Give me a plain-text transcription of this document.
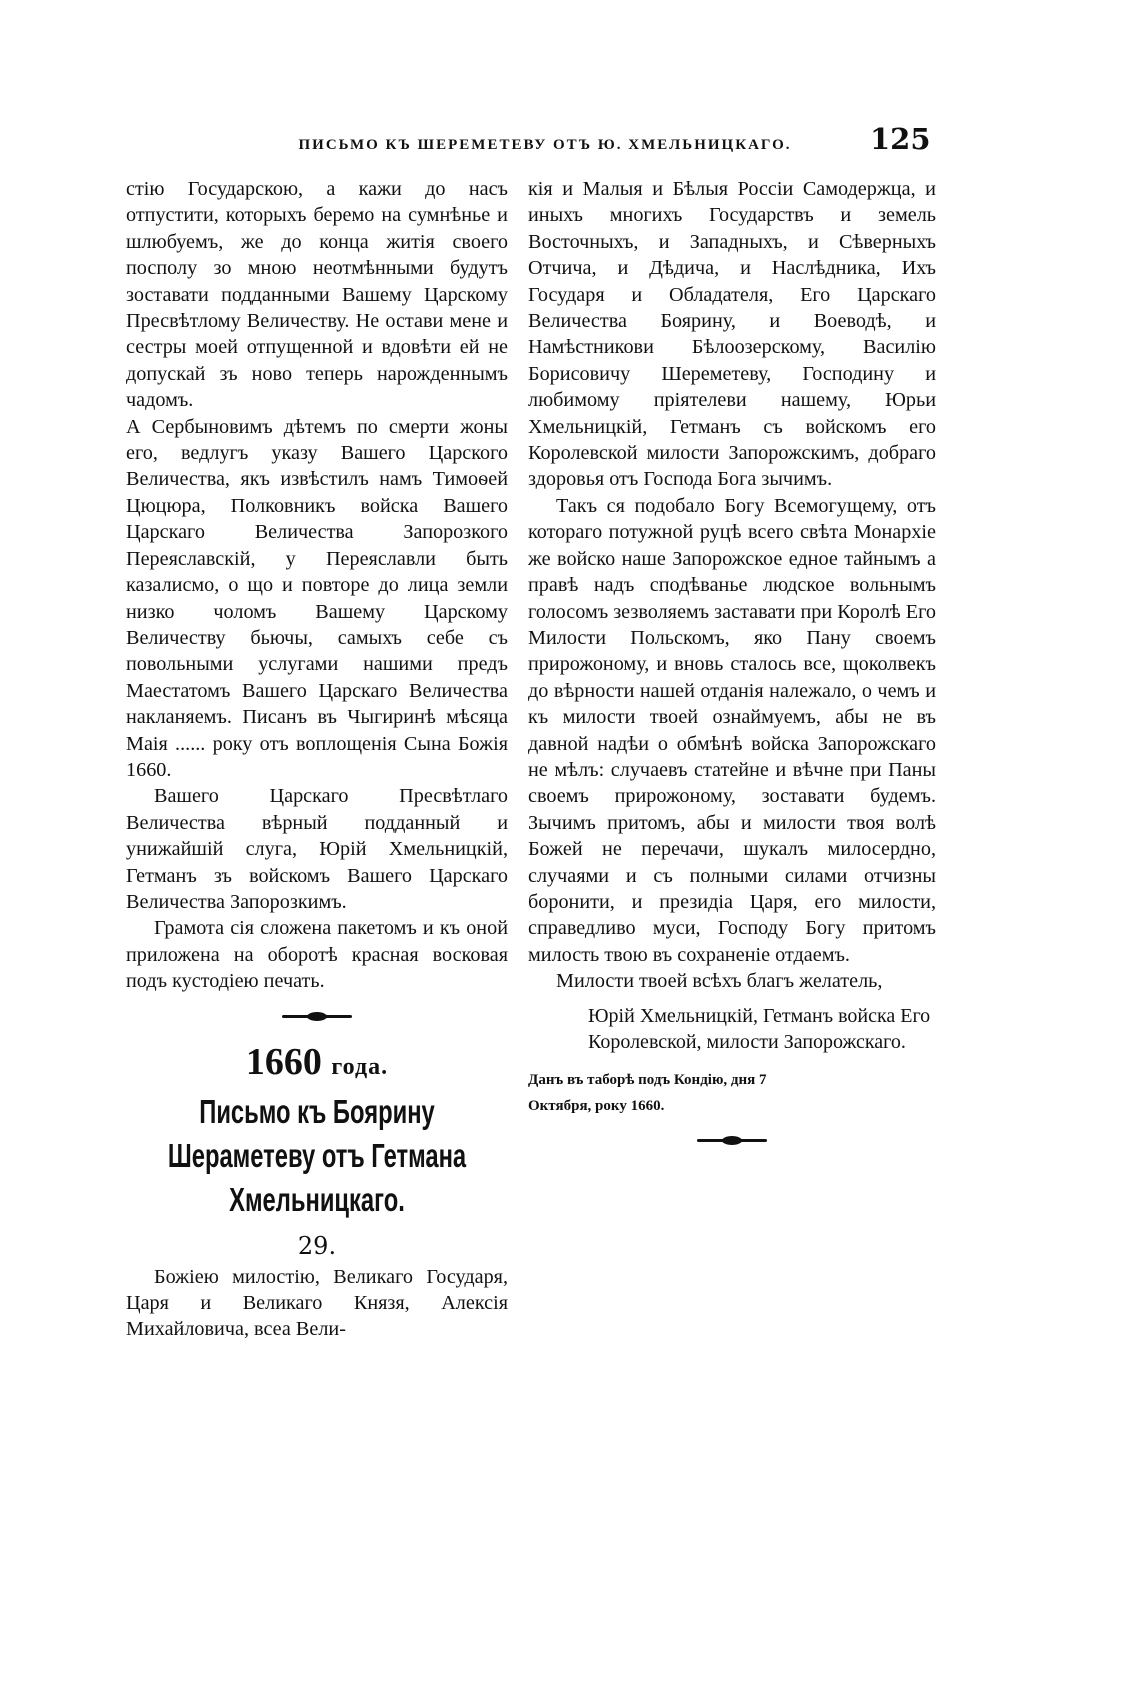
ПИСЬМО КЪ ШЕРЕМЕТЕВУ ОТЪ Ю. ХМЕЛЬНИЦКАГО.	125

стію Государскою, а кажи до насъ отпустити, которыхъ беремо на сумнѣнье и шлюбуемъ, же до конца житія своего посполу зо мною неотмѣнными будутъ зоставати подданными Вашему Царскому Пресвѣтлому Величеству. Не остави мене и сестры моей отпущенной и вдовѣти ей не допускай зъ ново теперь нарожденнымъ чадомъ.

А Сербыновимъ дѣтемъ по смерти жоны его, ведлугъ указу Вашего Царского Величества, якъ извѣстилъ намъ Тимоѳей Цюцюра, Полковникъ войска Вашего Царскаго Величества Запорозкого Переяславскій, у Переяславли быть казалисмо, о що и повторе до лица земли низко чоломъ Вашему Царскому Величеству бьючы, самыхъ себе съ повольными услугами нашими предъ Маестатомъ Вашего Царскаго Величества накланяемъ. Писанъ въ Чыгиринѣ мѣсяца Маія ...... року отъ воплощенія Сына Божія 1660.

Вашего Царскаго Пресвѣтлаго Величества вѣрный подданный и унижайшій слуга, Юрій Хмельницкій, Гетманъ зъ войскомъ Вашего Царскаго Величества Запорозкимъ.

Грамота сія сложена пакетомъ и къ оной приложена на оборотѣ красная восковая подъ кустодіею печать.

1660 года.
Письмо къ Боярину Шераметеву отъ Гетмана Хмельницкаго.
29.

Божіею милостію, Великаго Государя, Царя и Великаго Князя, Алексія Михайловича, всеа Вели-

кія и Малыя и Бѣлыя Россіи Самодержца, и иныхъ многихъ Государствъ и земель Восточныхъ, и Западныхъ, и Сѣверныхъ Отчича, и Дѣдича, и Наслѣдника, Ихъ Государя и Обладателя, Его Царскаго Величества Боярину, и Воеводѣ, и Намѣстникови Бѣлоозерскому, Василію Борисовичу Шереметеву, Господину и любимому пріятелеви нашему, Юрьи Хмельницкій, Гетманъ съ войскомъ его Королевской милости Запорожскимъ, добраго здоровья отъ Господа Бога зычимъ.

Такъ ся подобало Богу Всемогущему, отъ котораго потужной руцѣ всего свѣта Монархіе же войско наше Запорожское едное тайнымъ а правѣ надъ сподѣванье людское вольнымъ голосомъ зезволяемъ заставати при Королѣ Его Милости Польскомъ, яко Пану своемъ прирожоному, и вновь сталось все, щоколвекъ до вѣрности нашей отданія належало, о чемъ и къ милости твоей ознаймуемъ, абы не въ давной надѣи о обмѣнѣ войска Запорожскаго не мѣлъ: случаевъ статейне и вѣчне при Паны своемъ прирожоному, зоставати будемъ. Зычимъ притомъ, абы и милости твоя волѣ Божей не перечачи, шукалъ милосердно, случаями и съ полными силами отчизны боронити, и президіа Царя, его милости, справедливо муси, Господу Богу притомъ милость твою въ сохраненіе отдаемъ.

Милости твоей всѣхъ благъ желатель,

Юрій Хмельницкій, Гетманъ войска Его Королевской, милости Запорожскаго.
Данъ въ таборѣ подъ Кондію, дня 7 Октября, року 1660.
